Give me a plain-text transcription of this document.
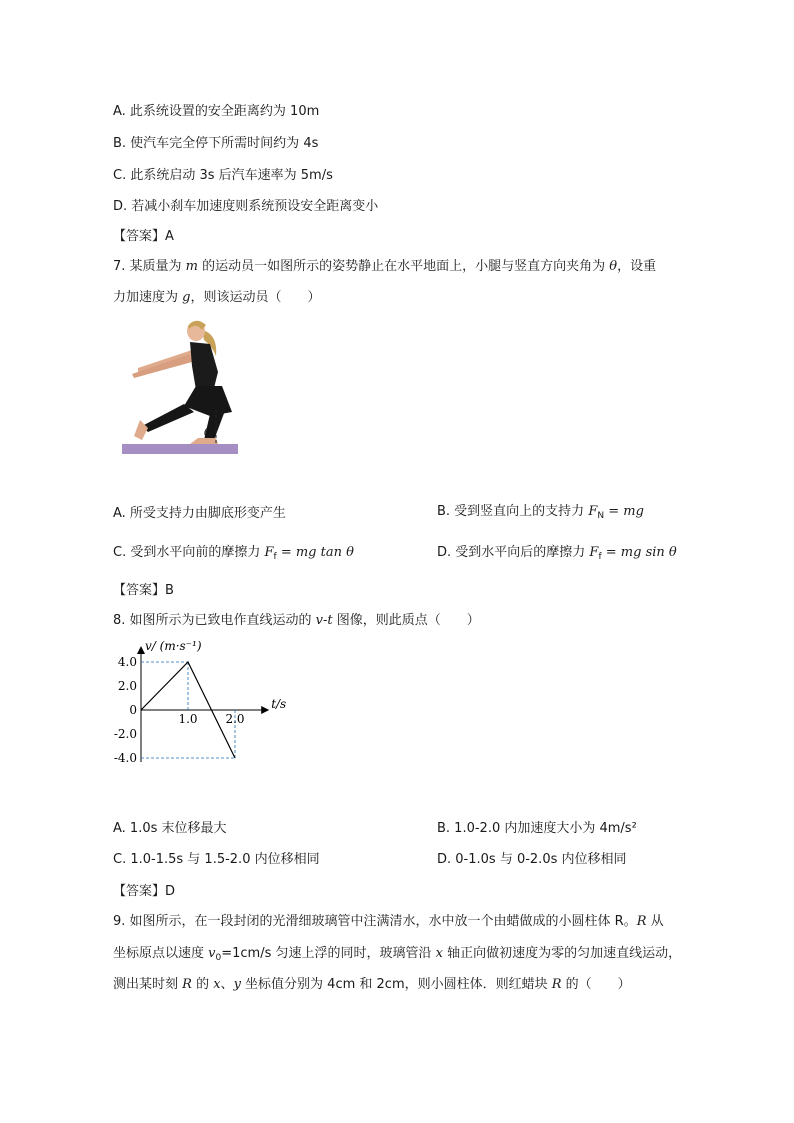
A. 此系统设置的安全距离约为 10m
B. 使汽车完全停下所需时间约为 4s
C. 此系统启动 3s 后汽车速率为 5m/s
D. 若减小刹车加速度则系统预设安全距离变小
【答案】A
7. 某质量为 m 的运动员一如图所示的姿势静止在水平地面上，小腿与竖直方向夹角为 θ，设重
力加速度为 g，则该运动员（　　）
θ
A. 所受支持力由脚底形变产生	B. 受到竖直向上的支持力 $F_N$ = mg
C. 受到水平向前的摩擦力 $F_f$ = mg tan θ	D. 受到水平向后的摩擦力 $F_f$ = mg sin θ
【答案】B
8. 如图所示为已致电作直线运动的 v-t 图像，则此质点（　　）
4.0
2.0
0
-2.0
-4.0
1.0 2.0
v/ (m·s⁻¹)
t/s
A. 1.0s 末位移最大	B. 1.0-2.0 内加速度大小为 4m/s²
C. 1.0-1.5s 与 1.5-2.0 内位移相同	D. 0-1.0s 与 0-2.0s 内位移相同
【答案】D
9. 如图所示，在一段封闭的光滑细玻璃管中注满清水，水中放一个由蜡做成的小圆柱体 R。R 从
坐标原点以速度 $v_0=1cm/s$ 匀速上浮的同时，玻璃管沿 x 轴正向做初速度为零的匀加速直线运动，
测出某时刻 R 的 x、y 坐标值分别为 4cm 和 2cm，则小圆柱体．则红蜡块 R 的（　　）
